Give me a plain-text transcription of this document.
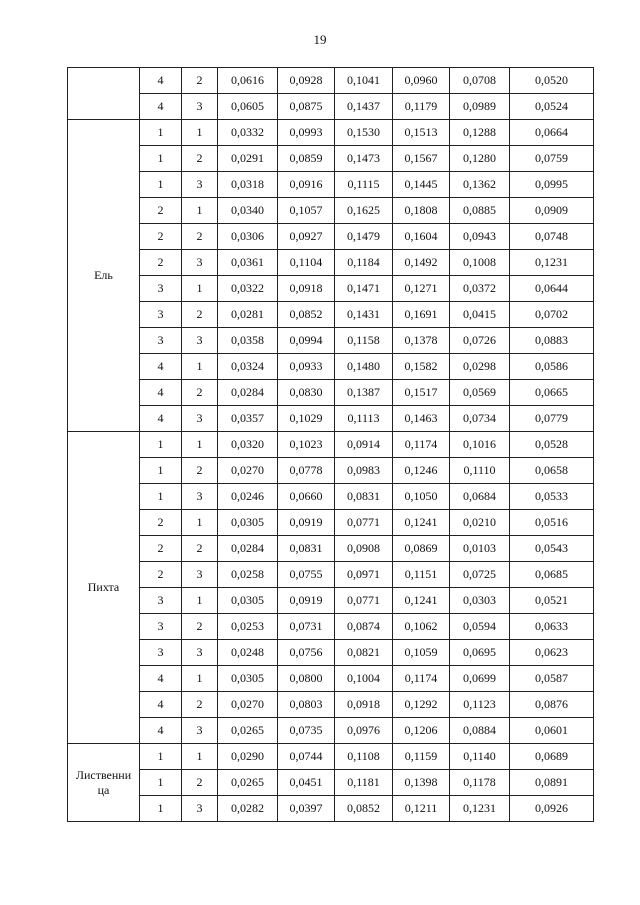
19
	4	2	0,0616	0,0928	0,1041	0,0960	0,0708	0,0520
	4	3	0,0605	0,0875	0,1437	0,1179	0,0989	0,0524
Ель	1	1	0,0332	0,0993	0,1530	0,1513	0,1288	0,0664
	1	2	0,0291	0,0859	0,1473	0,1567	0,1280	0,0759
	1	3	0,0318	0,0916	0,1115	0,1445	0,1362	0,0995
	2	1	0,0340	0,1057	0,1625	0,1808	0,0885	0,0909
	2	2	0,0306	0,0927	0,1479	0,1604	0,0943	0,0748
	2	3	0,0361	0,1104	0,1184	0,1492	0,1008	0,1231
	3	1	0,0322	0,0918	0,1471	0,1271	0,0372	0,0644
	3	2	0,0281	0,0852	0,1431	0,1691	0,0415	0,0702
	3	3	0,0358	0,0994	0,1158	0,1378	0,0726	0,0883
	4	1	0,0324	0,0933	0,1480	0,1582	0,0298	0,0586
	4	2	0,0284	0,0830	0,1387	0,1517	0,0569	0,0665
	4	3	0,0357	0,1029	0,1113	0,1463	0,0734	0,0779
Пихта	1	1	0,0320	0,1023	0,0914	0,1174	0,1016	0,0528
	1	2	0,0270	0,0778	0,0983	0,1246	0,1110	0,0658
	1	3	0,0246	0,0660	0,0831	0,1050	0,0684	0,0533
	2	1	0,0305	0,0919	0,0771	0,1241	0,0210	0,0516
	2	2	0,0284	0,0831	0,0908	0,0869	0,0103	0,0543
	2	3	0,0258	0,0755	0,0971	0,1151	0,0725	0,0685
	3	1	0,0305	0,0919	0,0771	0,1241	0,0303	0,0521
	3	2	0,0253	0,0731	0,0874	0,1062	0,0594	0,0633
	3	3	0,0248	0,0756	0,0821	0,1059	0,0695	0,0623
	4	1	0,0305	0,0800	0,1004	0,1174	0,0699	0,0587
	4	2	0,0270	0,0803	0,0918	0,1292	0,1123	0,0876
	4	3	0,0265	0,0735	0,0976	0,1206	0,0884	0,0601
Лиственни
ца	1	1	0,0290	0,0744	0,1108	0,1159	0,1140	0,0689
	1	2	0,0265	0,0451	0,1181	0,1398	0,1178	0,0891
	1	3	0,0282	0,0397	0,0852	0,1211	0,1231	0,0926
